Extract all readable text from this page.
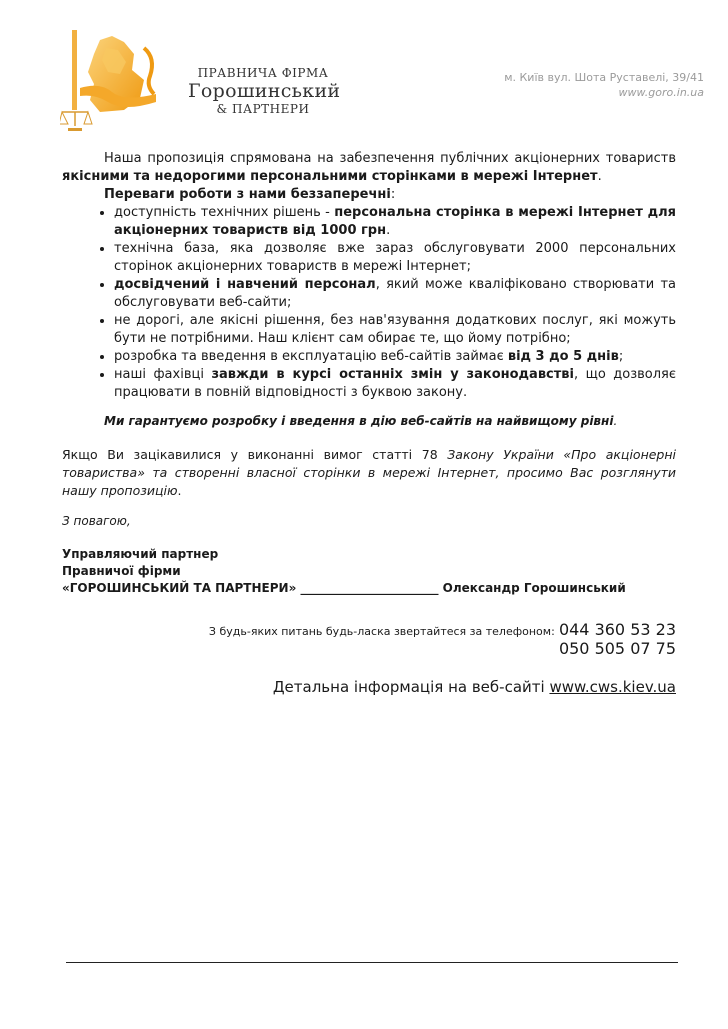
ПРАВНИЧА ФІРМА
Горошинський
& ПАРТНЕРИ
м. Київ вул. Шота Руставелі, 39/41
www.goro.in.ua

Наша пропозиція спрямована на забезпечення публічних акціонерних товариств якісними та недорогими персональними сторінками в мережі Інтернет.

Переваги роботи з нами беззаперечні:

• доступність технічних рішень - персональна сторінка в мережі Інтернет для акціонерних товариств від 1000 грн.
• технічна база, яка дозволяє вже зараз обслуговувати 2000 персональних сторінок акціонерних товариств в мережі Інтернет;
• досвідчений і навчений персонал, який може кваліфіковано створювати та обслуговувати веб-сайти;
• не дорогі, але якісні рішення, без нав'язування додаткових послуг, які можуть бути не потрібними. Наш клієнт сам обирає те, що йому потрібно;
• розробка та введення в експлуатацію веб-сайтів займає від 3 до 5 днів;
• наші фахівці завжди в курсі останніх змін у законодавстві, що дозволяє працювати в повній відповідності з буквою закону.

Ми гарантуємо розробку і введення в дію веб-сайтів на найвищому рівні.

Якщо Ви зацікавилися у виконанні вимог статті 78 Закону України «Про акціонерні товариства» та створенні власної сторінки в мережі Інтернет, просимо Вас розглянути нашу пропозицію.

З повагою,

Управляючий партнер
Правничої фірми
«ГОРОШИНСЬКИЙ ТА ПАРТНЕРИ» _______________________ Олександр Горошинський
З будь-яких питань будь-ласка звертайтеся за телефоном: 044 360 53 23
050 505 07 75
Детальна інформація на веб-сайті www.cws.kiev.ua
